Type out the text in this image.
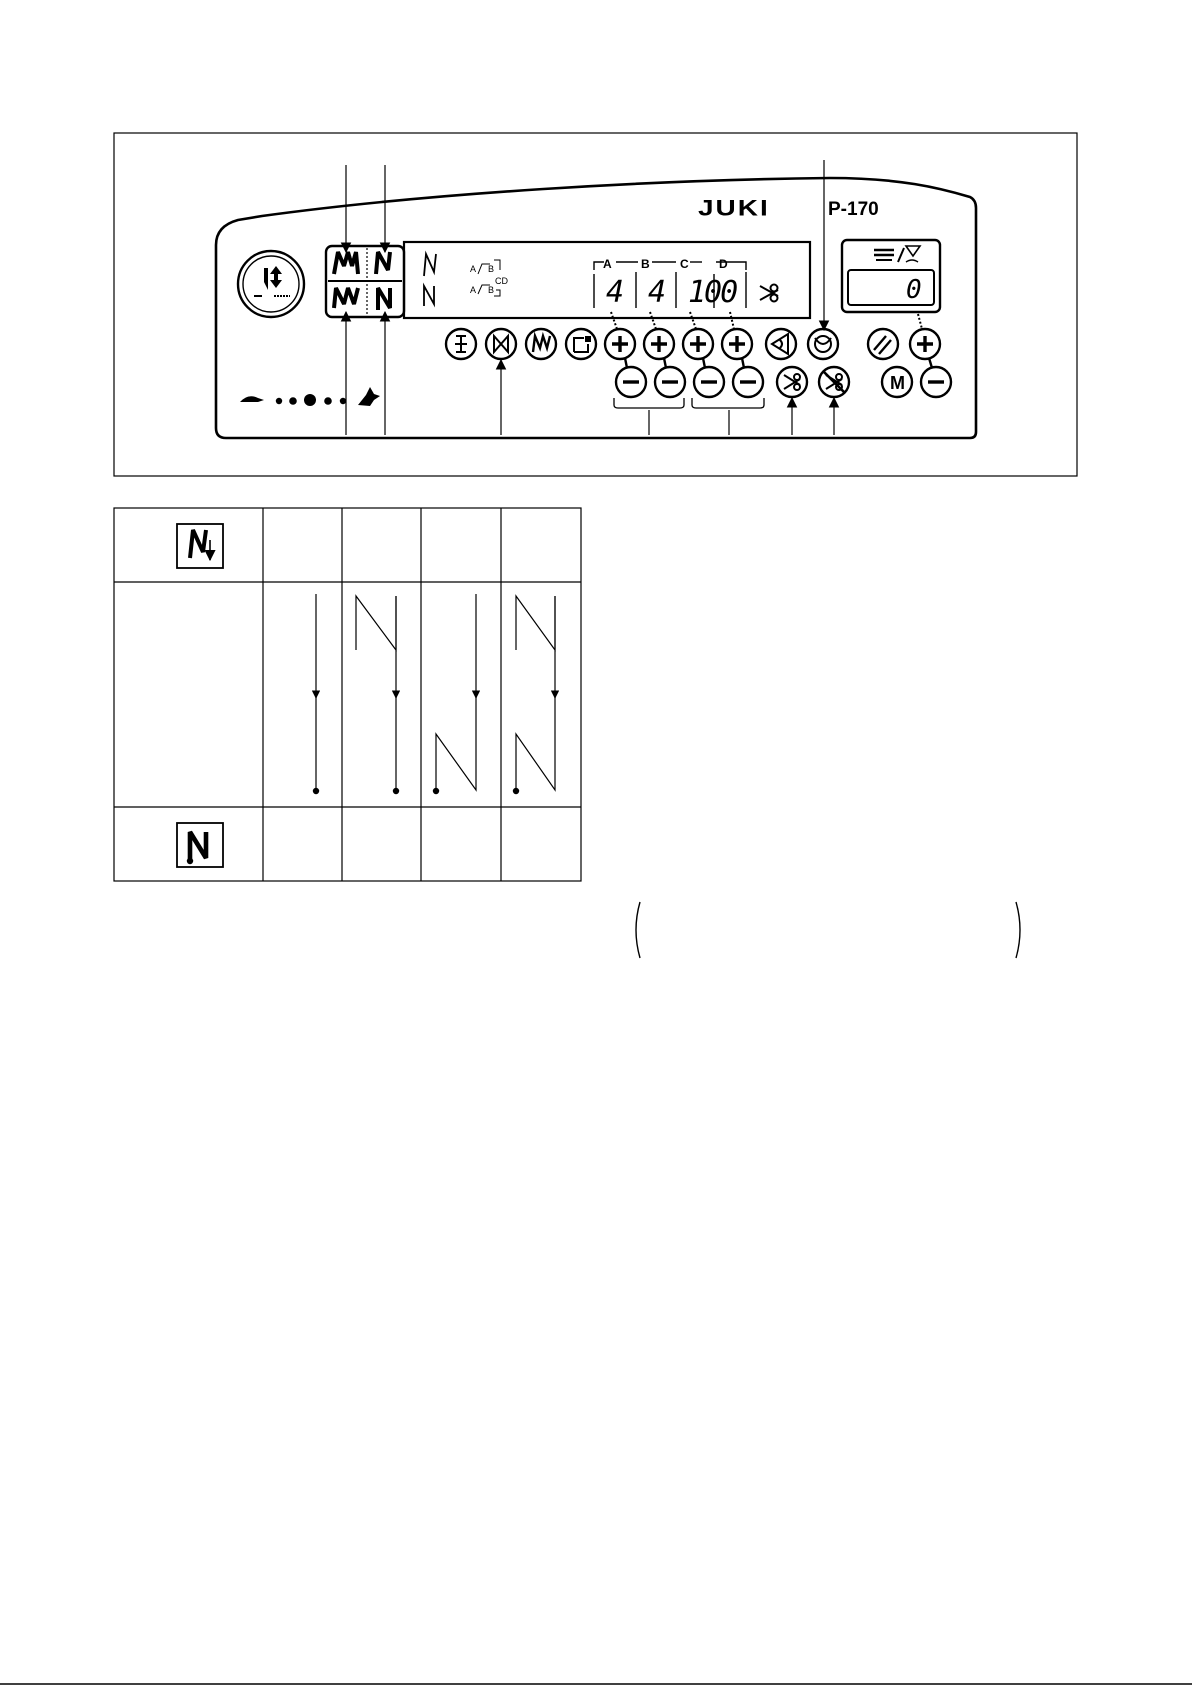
A B
CD
A B
A B	C	D
4 4 100
JUKI	P-170
0
M
